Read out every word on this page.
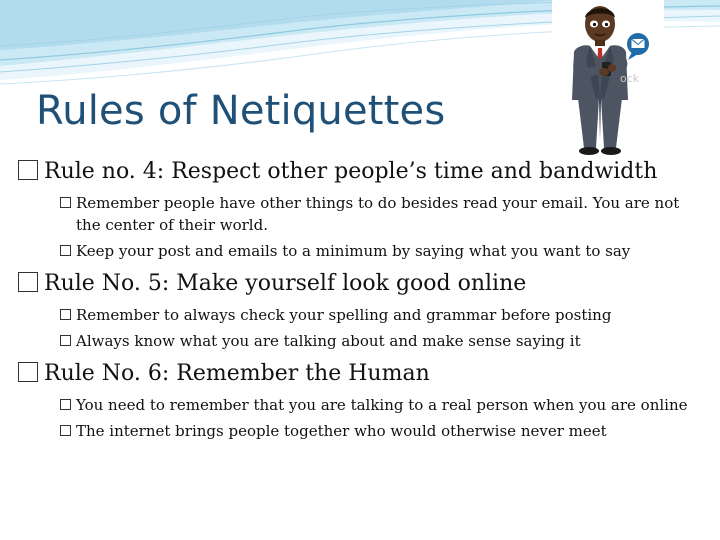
Rules of Netiquettes
ock
Rule no. 4: Respect other people’s time and bandwidth
Remember people have other things to do besides read your email. You are not the center of their world.
Keep your post and emails to a minimum by saying what you want to say
Rule No. 5: Make yourself look good online
Remember to always check your spelling and grammar before posting
Always know what you are talking about and make sense saying it
Rule No. 6: Remember the Human
You need to remember that you are talking to a real person when you are online
The internet brings people together who would otherwise never meet
